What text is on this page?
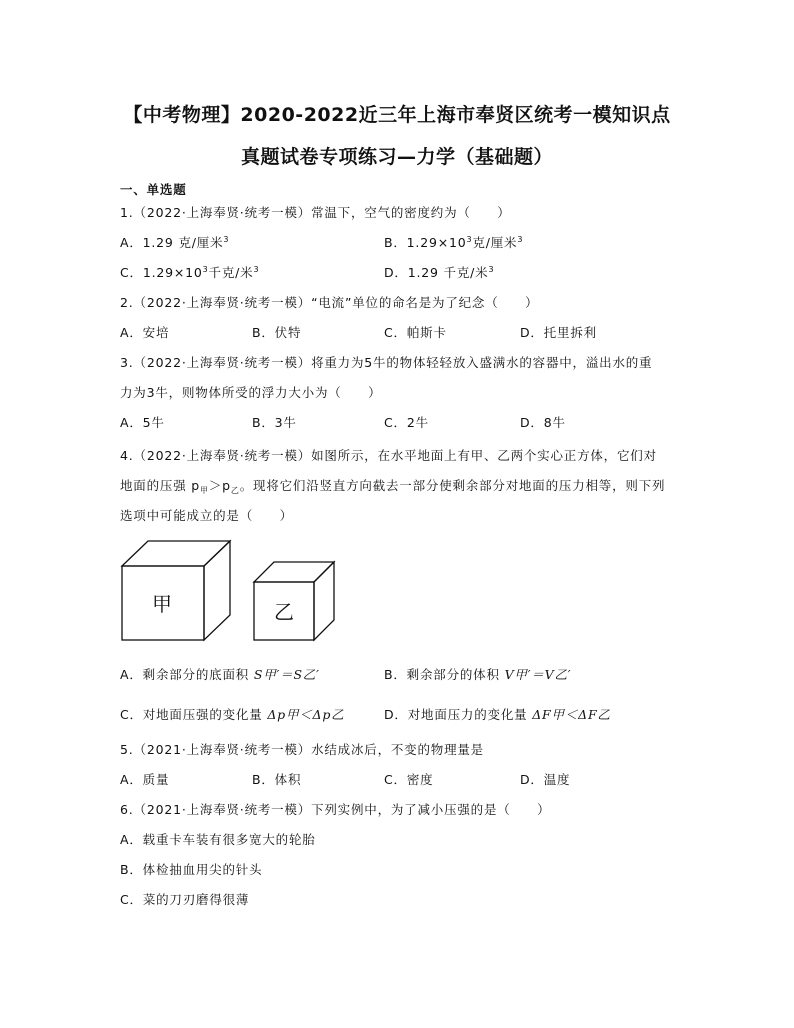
【中考物理】2020-2022近三年上海市奉贤区统考一模知识点
真题试卷专项练习—力学（基础题）
一、单选题
1.（2022·上海奉贤·统考一模）常温下，空气的密度约为（　　）
A．1.29 克/厘米$^3$	B．$1.29\times 10^3$克/厘米$^3$
C．$1.29\times 10^3$千克/米$^3$	D．1.29 千克/米$^3$
2.（2022·上海奉贤·统考一模）“电流”单位的命名是为了纪念（　　）
A．安培	B．伏特	C．帕斯卡	D．托里拆利
3.（2022·上海奉贤·统考一模）将重力为5牛的物体轻轻放入盛满水的容器中，溢出水的重
力为3牛，则物体所受的浮力大小为（　　）
A．5牛	B．3牛	C．2牛	D．8牛
4.（2022·上海奉贤·统考一模）如图所示，在水平地面上有甲、乙两个实心正方体，它们对
地面的压强 $p_甲>p_乙$。现将它们沿竖直方向截去一部分使剩余部分对地面的压力相等，则下列
选项中可能成立的是（　　）
甲	乙
A．剩余部分的底面积 S甲′＝S乙′	B．剩余部分的体积 V甲′＝V乙′
C．对地面压强的变化量 Δp甲＜Δp乙	D．对地面压力的变化量 ΔF甲＜ΔF乙
5.（2021·上海奉贤·统考一模）水结成冰后，不变的物理量是
A．质量	B．体积	C．密度	D．温度
6.（2021·上海奉贤·统考一模）下列实例中，为了减小压强的是（　　）
A．载重卡车装有很多宽大的轮胎
B．体检抽血用尖的针头
C．菜的刀刃磨得很薄
